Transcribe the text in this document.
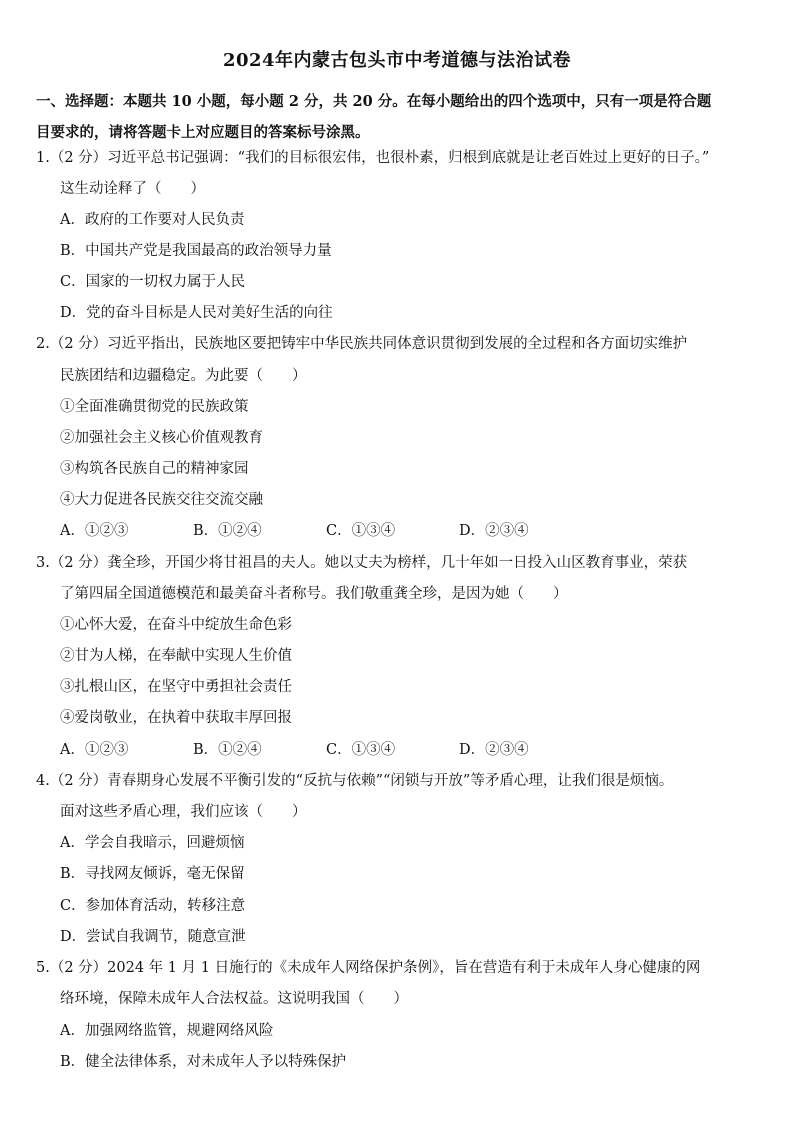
2024年内蒙古包头市中考道德与法治试卷
一、选择题：本题共 10 小题，每小题 2 分，共 20 分。在每小题给出的四个选项中，只有一项是符合题
目要求的，请将答题卡上对应题目的答案标号涂黑。
1.（2 分）习近平总书记强调：“我们的目标很宏伟，也很朴素，归根到底就是让老百姓过上更好的日子。”
这生动诠释了（　　）
A．政府的工作要对人民负责
B．中国共产党是我国最高的政治领导力量
C．国家的一切权力属于人民
D．党的奋斗目标是人民对美好生活的向往
2.（2 分）习近平指出，民族地区要把铸牢中华民族共同体意识贯彻到发展的全过程和各方面切实维护
民族团结和边疆稳定。为此要（　　）
①全面准确贯彻党的民族政策
②加强社会主义核心价值观教育
③构筑各民族自己的精神家园
④大力促进各民族交往交流交融
A．①②③	B．①②④	C．①③④	D．②③④
3.（2 分）龚全珍，开国少将甘祖昌的夫人。她以丈夫为榜样，几十年如一日投入山区教育事业，荣获
了第四届全国道德模范和最美奋斗者称号。我们敬重龚全珍，是因为她（　　）
①心怀大爱，在奋斗中绽放生命色彩
②甘为人梯，在奉献中实现人生价值
③扎根山区，在坚守中勇担社会责任
④爱岗敬业，在执着中获取丰厚回报
A．①②③	B．①②④	C．①③④	D．②③④
4.（2 分）青春期身心发展不平衡引发的“反抗与依赖”“闭锁与开放”等矛盾心理，让我们很是烦恼。
面对这些矛盾心理，我们应该（　　）
A．学会自我暗示，回避烦恼
B．寻找网友倾诉，毫无保留
C．参加体育活动，转移注意
D．尝试自我调节，随意宣泄
5.（2 分）2024 年 1 月 1 日施行的《未成年人网络保护条例》，旨在营造有利于未成年人身心健康的网
络环境，保障未成年人合法权益。这说明我国（　　）
A．加强网络监管，规避网络风险
B．健全法律体系，对未成年人予以特殊保护
